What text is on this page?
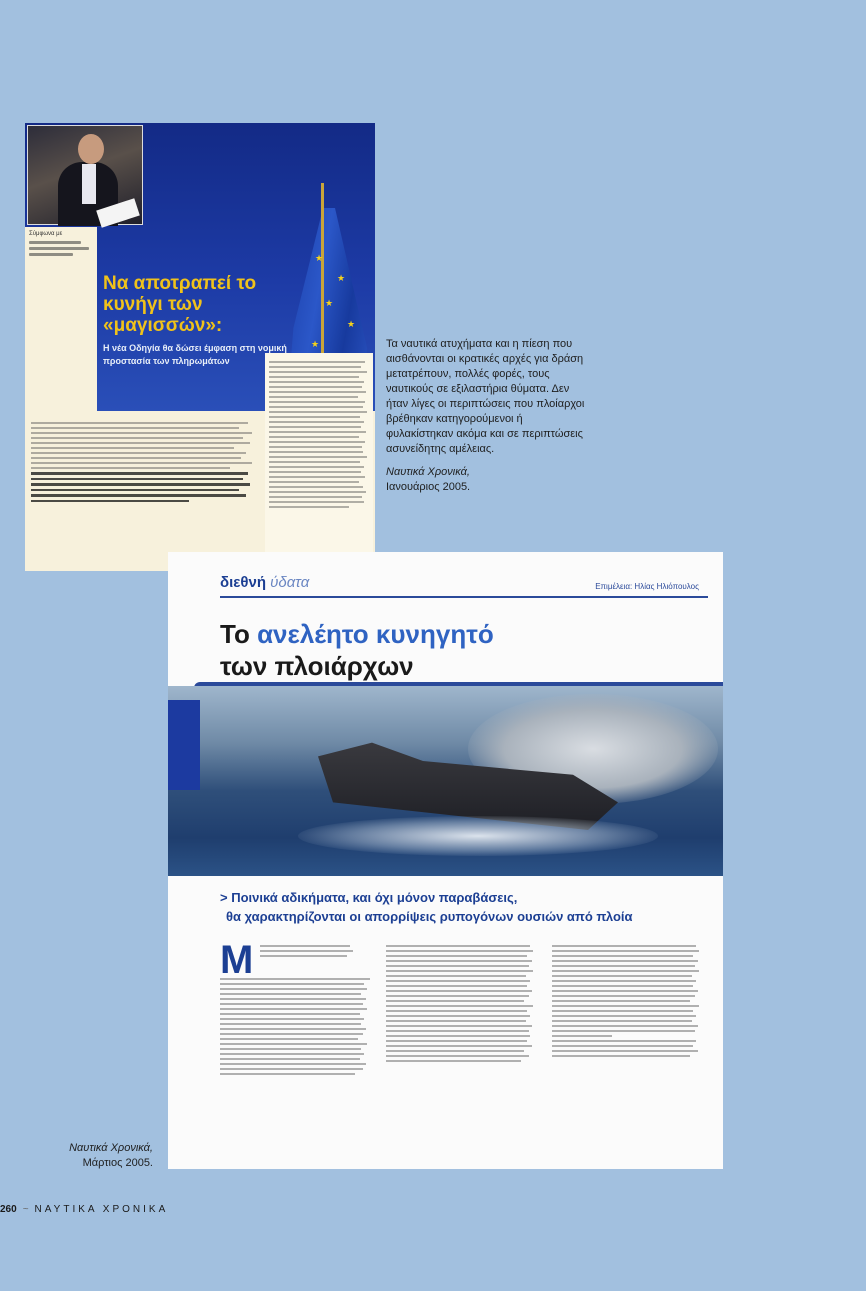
Σύμφωνα με
★
★
★
★
★
Να αποτραπεί το κυνήγι των «μαγισσών»:
Η νέα Οδηγία θα δώσει έμφαση στη νομική προστασία των πληρωμάτων
Τα ναυτικά ατυχήματα και η πίεση που αισθάνονται οι κρατικές αρχές για δράση μετατρέπουν, πολλές φορές, τους ναυτικούς σε εξιλαστήρια θύματα. Δεν ήταν λίγες οι περιπτώσεις που πλοίαρχοι βρέθηκαν κατηγορούμενοι ή φυλακίστηκαν ακόμα και σε περιπτώσεις ασυνείδητης αμέλειας.
Ναυτικά Χρονικά,
Ιανουάριος 2005.
διεθνή ύδατα	Επιμέλεια: Ηλίας Ηλιόπουλος
Το ανελέητο κυνηγητό
των πλοιάρχων
> Ποινικά αδικήματα, και όχι μόνον παραβάσεις,
θα χαρακτηρίζονται οι απορρίψεις ρυπογόνων ουσιών από πλοία
Μ
Ναυτικά Χρονικά,
Μάρτιος 2005.
260 ~ ΝΑΥΤΙΚΑ ΧΡΟΝΙΚΑ
